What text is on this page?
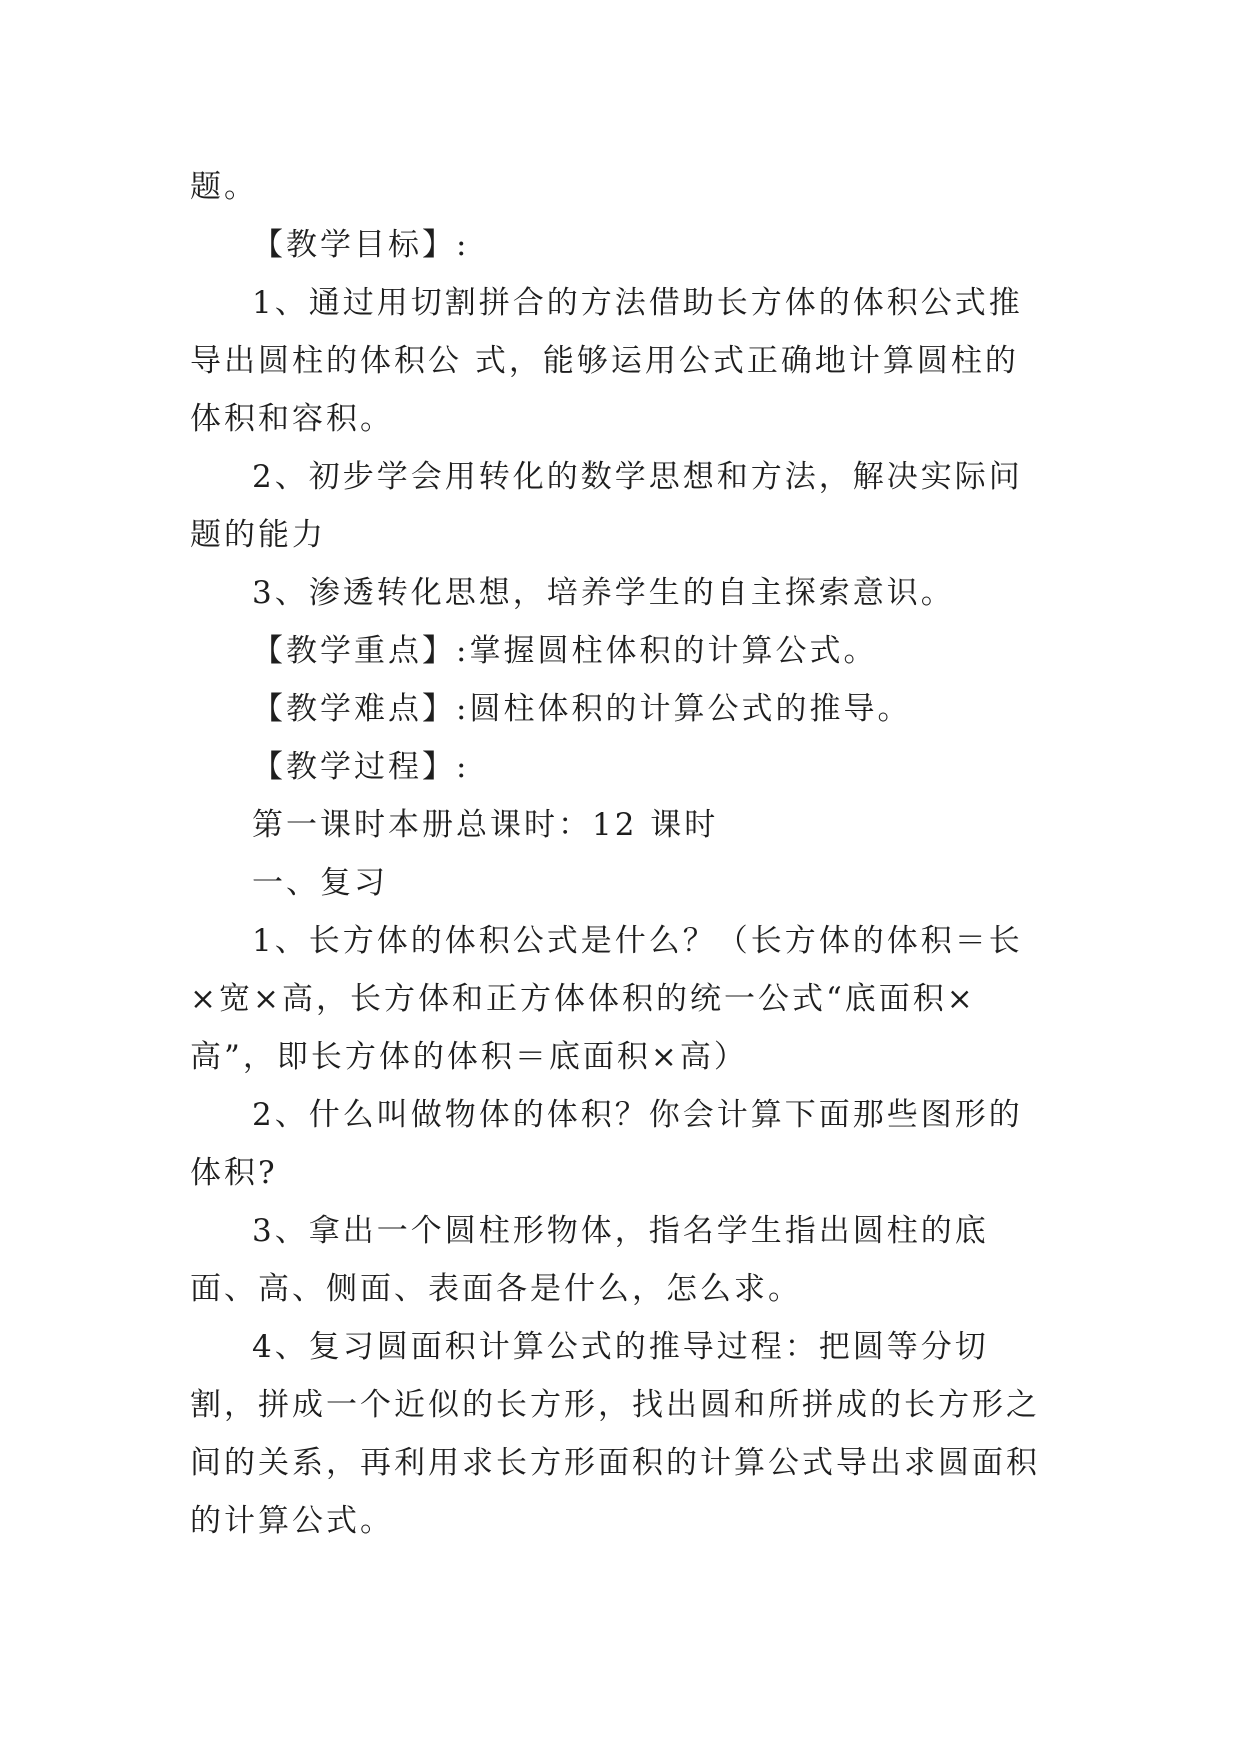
题。

【教学目标】:

1、通过用切割拼合的方法借助长方体的体积公式推导出圆柱的体积公 式，能够运用公式正确地计算圆柱的体积和容积。

2、初步学会用转化的数学思想和方法，解决实际问题的能力

3、渗透转化思想，培养学生的自主探索意识。

【教学重点】:掌握圆柱体积的计算公式。

【教学难点】:圆柱体积的计算公式的推导。

【教学过程】:

第一课时本册总课时：12 课时

一、复习

1、长方体的体积公式是什么？（长方体的体积＝长×宽×高，长方体和正方体体积的统一公式“底面积×高”，即长方体的体积＝底面积×高）

2、什么叫做物体的体积？你会计算下面那些图形的体积?

3、拿出一个圆柱形物体，指名学生指出圆柱的底面、高、侧面、表面各是什么，怎么求。

4、复习圆面积计算公式的推导过程：把圆等分切割，拼成一个近似的长方形，找出圆和所拼成的长方形之间的关系，再利用求长方形面积的计算公式导出求圆面积的计算公式。
